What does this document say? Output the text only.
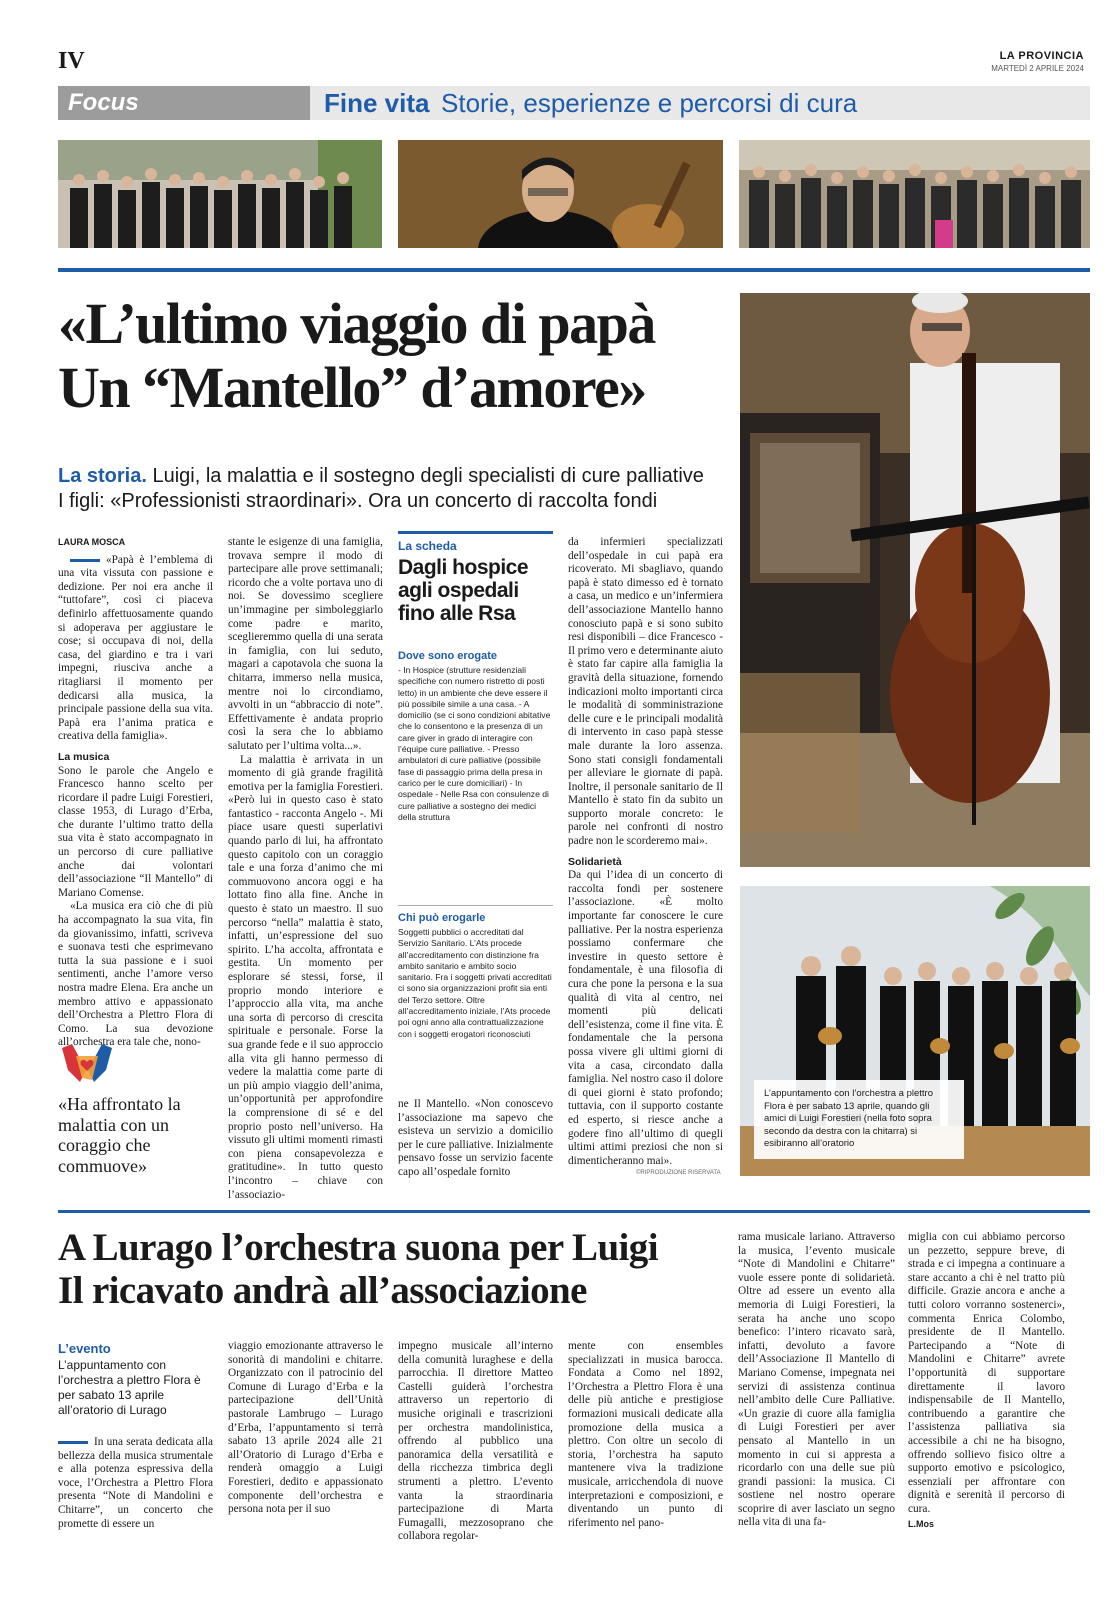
IV	LA PROVINCIA
MARTEDÌ 2 APRILE 2024
Focus	Fine vita Storie, esperienze e percorsi di cura
«L’ultimo viaggio di papà
Un “Mantello” d’amore»
La storia. Luigi, la malattia e il sostegno degli specialisti di cure palliative
I figli: «Professionisti straordinari». Ora un concerto di raccolta fondi
LAURA MOSCA

«Papà è l’emblema di una vita vissuta con passione e dedizione. Per noi era anche il “tuttofare”, così ci piaceva definirlo affettuosamente quando si adoperava per aggiustare le cose; si occupava di noi, della casa, del giardino e tra i vari impegni, riusciva anche a ritagliarsi il momento per dedicarsi alla musica, la principale passione della sua vita. Papà era l’anima pratica e creativa della famiglia».

La musica

Sono le parole che Angelo e Francesco hanno scelto per ricordare il padre Luigi Forestieri, classe 1953, di Lurago d’Erba, che durante l’ultimo tratto della sua vita è stato accompagnato in un percorso di cure palliative anche dai volontari dell’associazione “Il Mantello” di Mariano Comense.

«La musica era ciò che di più ha accompagnato la sua vita, fin da giovanissimo, infatti, scriveva e suonava testi che esprimevano tutta la sua passione e i suoi sentimenti, anche l’amore verso nostra madre Elena. Era anche un membro attivo e appassionato dell’Orchestra a Plettro Flora di Como. La sua devozione all’orchestra era tale che, nono-

«Ha affrontato la malattia con un coraggio che commuove»

stante le esigenze di una famiglia, trovava sempre il modo di partecipare alle prove settimanali; ricordo che a volte portava uno di noi. Se dovessimo scegliere un’immagine per simboleggiarlo come padre e marito, sceglieremmo quella di una serata in famiglia, con lui seduto, magari a capotavola che suona la chitarra, immerso nella musica, mentre noi lo circondiamo, avvolti in un “abbraccio di note”. Effettivamente è andata proprio così la sera che lo abbiamo salutato per l’ultima volta...».

La malattia è arrivata in un momento di già grande fragilità emotiva per la famiglia Forestieri. «Però lui in questo caso è stato fantastico - racconta Angelo -. Mi piace usare questi superlativi quando parlo di lui, ha affrontato questo capitolo con un coraggio tale e una forza d’animo che mi commuovono ancora oggi e ha lottato fino alla fine. Anche in questo è stato un maestro. Il suo percorso “nella” malattia è stato, infatti, un’espressione del suo spirito. L’ha accolta, affrontata e gestita. Un momento per esplorare sé stessi, forse, il proprio mondo interiore e l’approccio alla vita, ma anche una sorta di percorso di crescita spirituale e personale. Forse la sua grande fede e il suo approccio alla vita gli hanno permesso di vedere la malattia come parte di un più ampio viaggio dell’anima, un’opportunità per approfondire la comprensione di sé e del proprio posto nell’universo. Ha vissuto gli ultimi momenti rimasti con piena consapevolezza e gratitudine». In tutto questo l’incontro – chiave con l’associazio-

La scheda
Dagli hospice agli ospedali fino alle Rsa
Dove sono erogate
- In Hospice (strutture residenziali specifiche con numero ristretto di posti letto) in un ambiente che deve essere il più possibile simile a una casa. - A domicilio (se ci sono condizioni abitative che lo consentono e la presenza di un care giver in grado di interagire con l’équipe cure palliative. - Presso ambulatori di cure palliative (possibile fase di passaggio prima della presa in carico per le cure domiciliari) - In ospedale - Nelle Rsa con consulenze di cure palliative a sostegno dei medici della struttura
Chi può erogarle
Soggetti pubblici o accreditati dal Servizio Sanitario. L’Ats procede all’accreditamento con distinzione fra ambito sanitario e ambito socio sanitario. Fra i soggetti privati accreditati ci sono sia organizzazioni profit sia enti del Terzo settore. Oltre all’accreditamento iniziale, l’Ats procede poi ogni anno alla contrattualizzazione con i soggetti erogatori riconosciuti

ne Il Mantello. «Non conoscevo l’associazione ma sapevo che esisteva un servizio a domicilio per le cure palliative. Inizialmente pensavo fosse un servizio facente capo all’ospedale fornito

da infermieri specializzati dell’ospedale in cui papà era ricoverato. Mi sbagliavo, quando papà è stato dimesso ed è tornato a casa, un medico e un’infermiera dell’associazione Mantello hanno conosciuto papà e si sono subito resi disponibili – dice Francesco - Il primo vero e determinante aiuto è stato far capire alla famiglia la gravità della situazione, fornendo indicazioni molto importanti circa le modalità di somministrazione delle cure e le principali modalità di intervento in caso papà stesse male durante la loro assenza. Sono stati consigli fondamentali per alleviare le giornate di papà. Inoltre, il personale sanitario de Il Mantello è stato fin da subito un supporto morale concreto: le parole nei confronti di nostro padre non le scorderemo mai».

Solidarietà

Da qui l’idea di un concerto di raccolta fondi per sostenere l’associazione. «È molto importante far conoscere le cure palliative. Per la nostra esperienza possiamo confermare che investire in questo settore è fondamentale, è una filosofia di cura che pone la persona e la sua qualità di vita al centro, nei momenti più delicati dell’esistenza, come il fine vita. È fondamentale che la persona possa vivere gli ultimi giorni di vita a casa, circondato dalla famiglia. Nel nostro caso il dolore di quei giorni è stato profondo; tuttavia, con il supporto costante ed esperto, si riesce anche a godere fino all’ultimo di quegli ultimi attimi preziosi che non si dimenticheranno mai».

©RIPRODUZIONE RISERVATA
L’appuntamento con l’orchestra a plettro Flora è per sabato 13 aprile, quando gli amici di Luigi Forestieri (nella foto sopra secondo da destra con la chitarra) si esibiranno all’oratorio
A Lurago l’orchestra suona per Luigi
Il ricavato andrà all’associazione
L’evento
L’appuntamento con l’orchestra a plettro Flora è per sabato 13 aprile all’oratorio di Lurago

In una serata dedicata alla bellezza della musica strumentale e alla potenza espressiva della voce, l’Orchestra a Plettro Flora presenta “Note di Mandolini e Chitarre”, un concerto che promette di essere un

viaggio emozionante attraverso le sonorità di mandolini e chitarre. Organizzato con il patrocinio del Comune di Lurago d’Erba e la partecipazione dell’Unità pastorale Lambrugo – Lurago d’Erba, l’appuntamento si terrà sabato 13 aprile 2024 alle 21 all’Oratorio di Lurago d’Erba e renderà omaggio a Luigi Forestieri, dedito e appassionato componente dell’orchestra e persona nota per il suo

impegno musicale all’interno della comunità luraghese e della parrocchia. Il direttore Matteo Castelli guiderà l’orchestra attraverso un repertorio di musiche originali e trascrizioni per orchestra mandolinistica, offrendo al pubblico una panoramica della versatilità e della ricchezza timbrica degli strumenti a plettro. L’evento vanta la straordinaria partecipazione di Marta Fumagalli, mezzosoprano che collabora regolar-

mente con ensembles specializzati in musica barocca. Fondata a Como nel 1892, l’Orchestra a Plettro Flora è una delle più antiche e prestigiose formazioni musicali dedicate alla promozione della musica a plettro. Con oltre un secolo di storia, l’orchestra ha saputo mantenere viva la tradizione musicale, arricchendola di nuove interpretazioni e composizioni, e diventando un punto di riferimento nel pano-

rama musicale lariano. Attraverso la musica, l’evento musicale “Note di Mandolini e Chitarre” vuole essere ponte di solidarietà. Oltre ad essere un evento alla memoria di Luigi Forestieri, la serata ha anche uno scopo benefico: l’intero ricavato sarà, infatti, devoluto a favore dell’Associazione Il Mantello di Mariano Comense, impegnata nei servizi di assistenza continua nell’ambito delle Cure Palliative. «Un grazie di cuore alla famiglia di Luigi Forestieri per aver pensato al Mantello in un momento in cui si appresta a ricordarlo con una delle sue più grandi passioni: la musica. Ci sostiene nel nostro operare scoprire di aver lasciato un segno nella vita di una fa-

miglia con cui abbiamo percorso un pezzetto, seppure breve, di strada e ci impegna a continuare a stare accanto a chi è nel tratto più difficile. Grazie ancora e anche a tutti coloro vorranno sostenerci», commenta Enrica Colombo, presidente de Il Mantello. Partecipando a “Note di Mandolini e Chitarre” avrete l’opportunità di supportare direttamente il lavoro indispensabile de Il Mantello, contribuendo a garantire che l’assistenza palliativa sia accessibile a chi ne ha bisogno, offrendo sollievo fisico oltre a supporto emotivo e psicologico, essenziali per affrontare con dignità e serenità il percorso di cura.

L.Mos
